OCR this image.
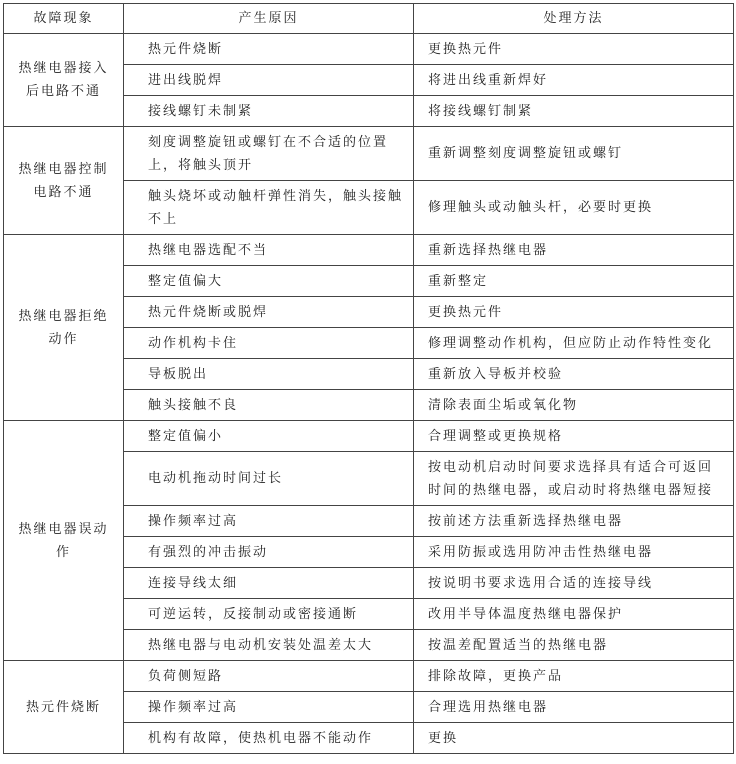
故障现象	产生原因	处理方法
热继电器接入后电路不通	热元件烧断	更换热元件
	进出线脱焊	将进出线重新焊好
	接线螺钉未制紧	将接线螺钉制紧
热继电器控制电路不通	刻度调整旋钮或螺钉在不合适的位置上，将触头顶开	重新调整刻度调整旋钮或螺钉
	触头烧坏或动触杆弹性消失，触头接触不上	修理触头或动触头杆，必要时更换
热继电器拒绝动作	热继电器选配不当	重新选择热继电器
	整定值偏大	重新整定
	热元件烧断或脱焊	更换热元件
	动作机构卡住	修理调整动作机构，但应防止动作特性变化
	导板脱出	重新放入导板并校验
	触头接触不良	清除表面尘垢或氧化物
热继电器误动作	整定值偏小	合理调整或更换规格
	电动机拖动时间过长	按电动机启动时间要求选择具有适合可返回时间的热继电器，或启动时将热继电器短接
	操作频率过高	按前述方法重新选择热继电器
	有强烈的冲击振动	采用防振或选用防冲击性热继电器
	连接导线太细	按说明书要求选用合适的连接导线
	可逆运转，反接制动或密接通断	改用半导体温度热继电器保护
	热继电器与电动机安装处温差太大	按温差配置适当的热继电器
热元件烧断	负荷侧短路	排除故障，更换产品
	操作频率过高	合理选用热继电器
	机构有故障，使热机电器不能动作	更换
